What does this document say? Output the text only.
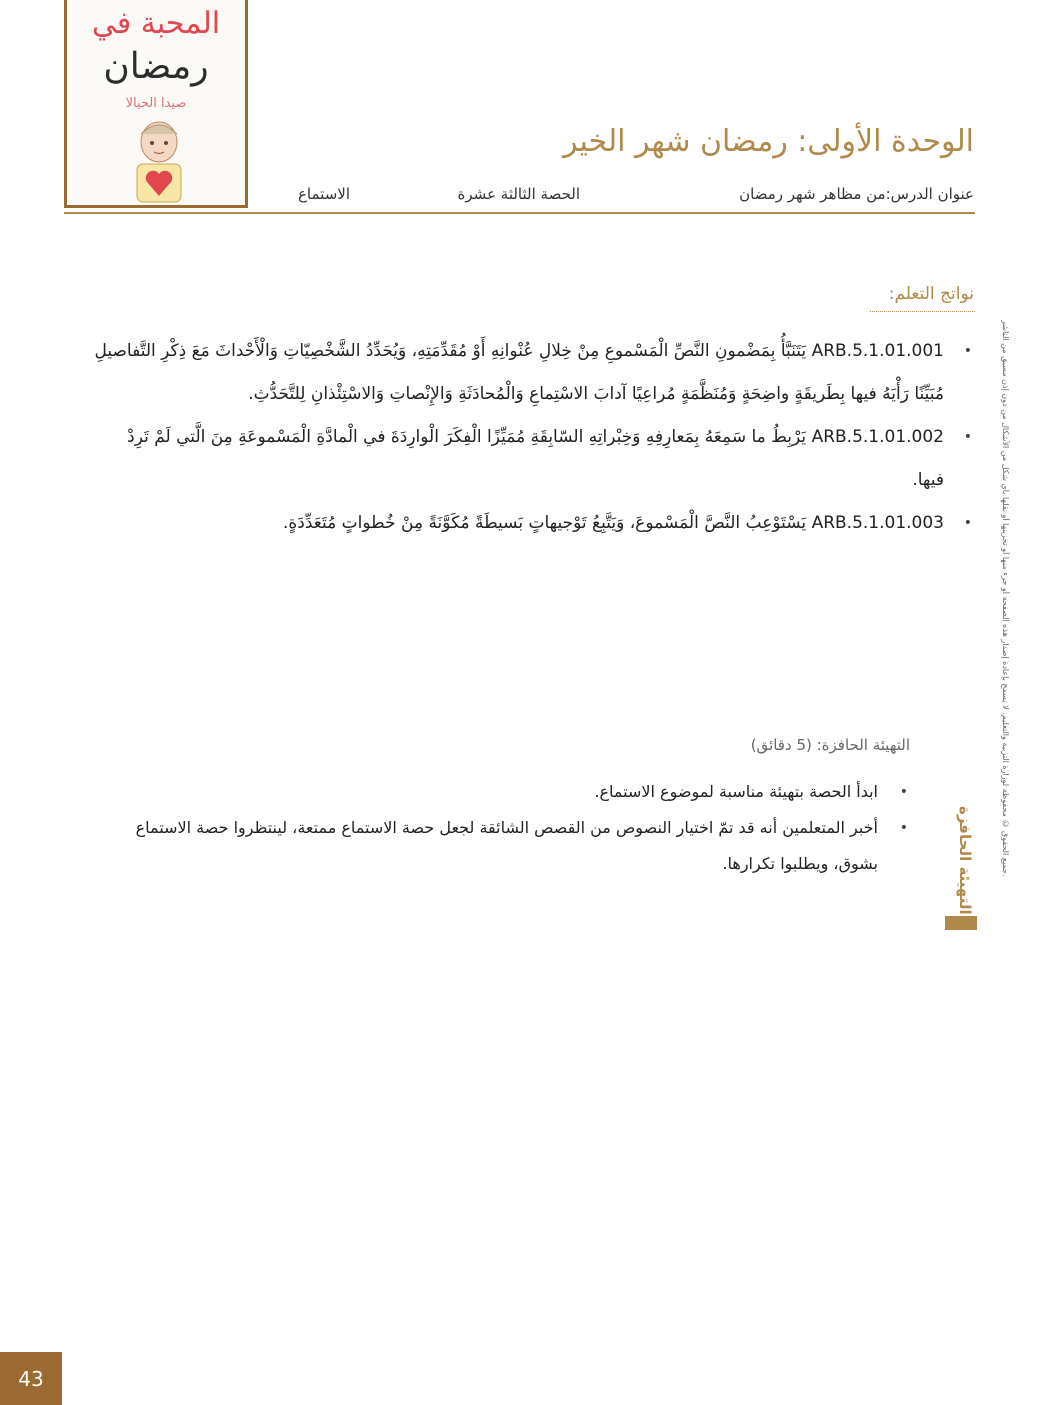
المحبة في
رمضان
صيدا الحيالا
الوحدة الأولى: رمضان شهر الخير
عنوان الدرس:من مظاهر شهر رمضان
الحصة الثالثة عشرة
الاستماع
نواتج التعلم:
•
ARB.5.1.01.001 يَتَنَبَّأُ بِمَضْمونِ النَّصِّ الْمَسْموعِ مِنْ خِلالِ عُنْوانِهِ أَوْ مُقَدِّمَتِهِ، وَيُحَدِّدُ الشَّخْصِيّاتِ وَالْأَحْداثَ مَعَ ذِكْرِ التَّفاصيلِ مُبَيِّنًا رَأْيَهُ فيها بِطَريقَةٍ واضِحَةٍ وَمُنَظَّمَةٍ مُراعِيًا آدابَ الاسْتِماعِ وَالْمُحادَثَةِ وَالإِنْصاتِ وَالاسْتِئْذانِ لِلتَّحَدُّثِ.
•
ARB.5.1.01.002 يَرْبِطُ ما سَمِعَهُ بِمَعارِفِهِ وَخِبْراتِهِ السّابِقَةِ مُمَيِّزًا الْفِكَرَ الْوارِدَةَ في الْمادَّةِ الْمَسْموعَةِ مِنَ الَّتي لَمْ تَرِدْ فيها.
•
ARB.5.1.01.003 يَسْتَوْعِبُ النَّصَّ الْمَسْموعَ، وَيَتَّبِعُ تَوْجيهاتٍ بَسيطَةً مُكَوَّنَةً مِنْ خُطواتٍ مُتَعَدِّدَةٍ.
التهيئة الحافزة: (5 دقائق)
•
ابدأ الحصة بتهيئة مناسبة لموضوع الاستماع.
•
أخبر المتعلمين أنه قد تمّ اختيار النصوص من القصص الشائقة لجعل حصة الاستماع ممتعة، لينتظروا حصة الاستماع بشوق، ويطلبوا تكرارها.	التهيئة الحافزة	جميع الحقوق © محفوظة لوزارة التربية والتعليم. لا يسمح بإعادة إصدار هذه الصفحة أو جزء منها أو تخزينها أو نقلها بأي شكل من الأشكال من دون إذن مسبق من الناشر.
43
